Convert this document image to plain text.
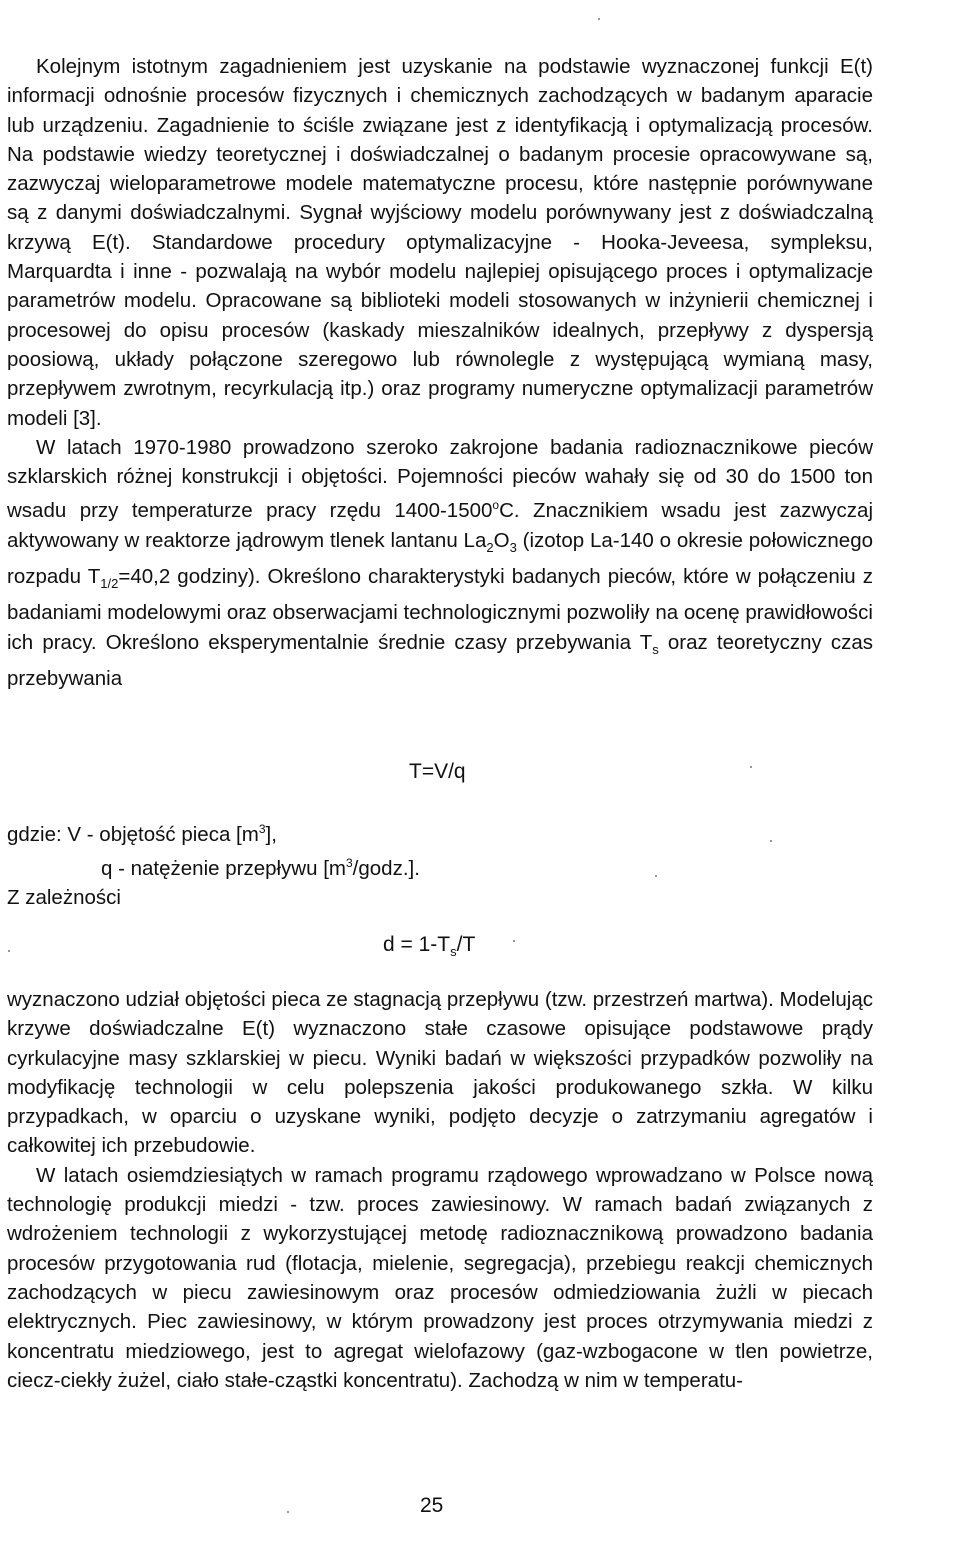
Kolejnym istotnym zagadnieniem jest uzyskanie na podstawie wyznaczonej funkcji E(t) informacji odnośnie procesów fizycznych i chemicznych zachodzących w badanym aparacie lub urządzeniu. Zagadnienie to ściśle związane jest z identyfikacją i optymalizacją procesów. Na podstawie wiedzy teoretycznej i doświadczalnej o badanym procesie opracowywane są, zazwyczaj wieloparametrowe modele matematyczne procesu, które następnie porównywane są z danymi doświadczalnymi. Sygnał wyjściowy modelu porównywany jest z doświadczalną krzywą E(t). Standardowe procedury optymalizacyjne - Hooka-Jeveesa, sympleksu, Marquardta i inne - pozwalają na wybór modelu najlepiej opisującego proces i optymalizacje parametrów modelu. Opracowane są biblioteki modeli stosowanych w inżynierii chemicznej i procesowej do opisu procesów (kaskady mieszalników idealnych, przepływy z dyspersją poosiową, układy połączone szeregowo lub równolegle z występującą wymianą masy, przepływem zwrotnym, recyrkulacją itp.) oraz programy numeryczne optymalizacji parametrów modeli [3].

W latach 1970-1980 prowadzono szeroko zakrojone badania radioznacznikowe pieców szklarskich różnej konstrukcji i objętości. Pojemności pieców wahały się od 30 do 1500 ton wsadu przy temperaturze pracy rzędu 1400-1500$^o$C. Znacznikiem wsadu jest zazwyczaj aktywowany w reaktorze jądrowym tlenek lantanu $La_2O_3$ (izotop La-140 o okresie połowicznego rozpadu $T_{1/2}=40,2$ godziny). Określono charakterystyki badanych pieców, które w połączeniu z badaniami modelowymi oraz obserwacjami technologicznymi pozwoliły na ocenę prawidłowości ich pracy. Określono eksperymentalnie średnie czasy przebywania $T_s$ oraz teoretyczny czas przebywania

T=V/q
gdzie: V - objętość pieca $[m^3]$,
q - natężenie przepływu $[m^3/godz.]$.
Z zależności
$d = 1-T_s/T$

wyznaczono udział objętości pieca ze stagnacją przepływu (tzw. przestrzeń martwa). Modelując krzywe doświadczalne E(t) wyznaczono stałe czasowe opisujące podstawowe prądy cyrkulacyjne masy szklarskiej w piecu. Wyniki badań w większości przypadków pozwoliły na modyfikację technologii w celu polepszenia jakości produkowanego szkła. W kilku przypadkach, w oparciu o uzyskane wyniki, podjęto decyzje o zatrzymaniu agregatów i całkowitej ich przebudowie.

W latach osiemdziesiątych w ramach programu rządowego wprowadzano w Polsce nową technologię produkcji miedzi - tzw. proces zawiesinowy. W ramach badań związanych z wdrożeniem technologii z wykorzystującej metodę radioznacznikową prowadzono badania procesów przygotowania rud (flotacja, mielenie, segregacja), przebiegu reakcji chemicznych zachodzących w piecu zawiesinowym oraz procesów odmiedziowania żużli w piecach elektrycznych. Piec zawiesinowy, w którym prowadzony jest proces otrzymywania miedzi z koncentratu miedziowego, jest to agregat wielofazowy (gaz-wzbogacone w tlen powietrze, ciecz-ciekły żużel, ciało stałe-cząstki koncentratu). Zachodzą w nim w temperatu-

25
